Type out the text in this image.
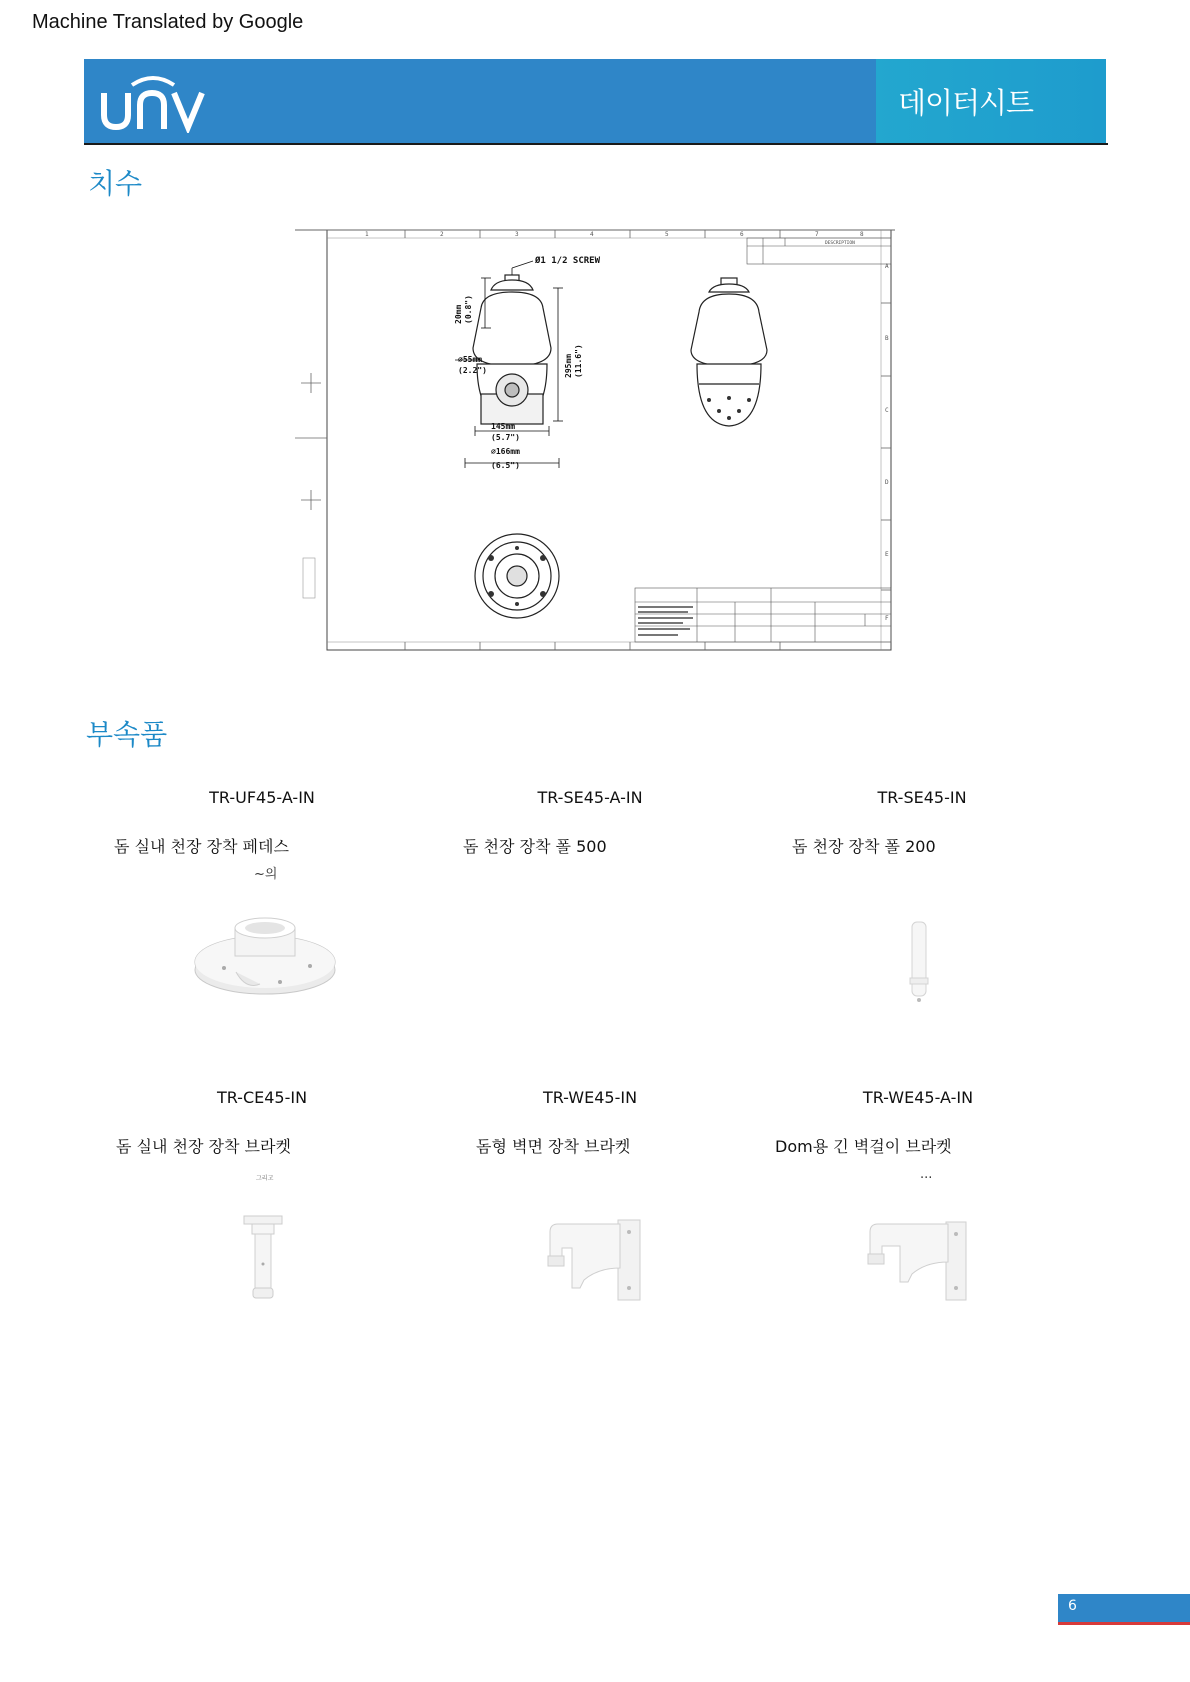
Machine Translated by Google
데이터시트
치수
1	2	3	4	5	6	7	8
A
B
C
D
E
F
DESCRIPTION
Ø1 1/2 SCREW
∅55mm
(2.2")
145mm
(5.7")
∅166mm
(6.5")
20mm (0.8")
295mm (11.6")
부속품
TR-UF45-A-IN
돔 실내 천장 장착 페데스
~의
TR-SE45-A-IN
돔 천장 장착 폴 500
TR-SE45-IN
돔 천장 장착 폴 200
TR-CE45-IN
돔 실내 천장 장착 브라켓
그리고
TR-WE45-IN
돔형 벽면 장착 브라켓
TR-WE45-A-IN
Dom용 긴 벽걸이 브라켓
...
6
